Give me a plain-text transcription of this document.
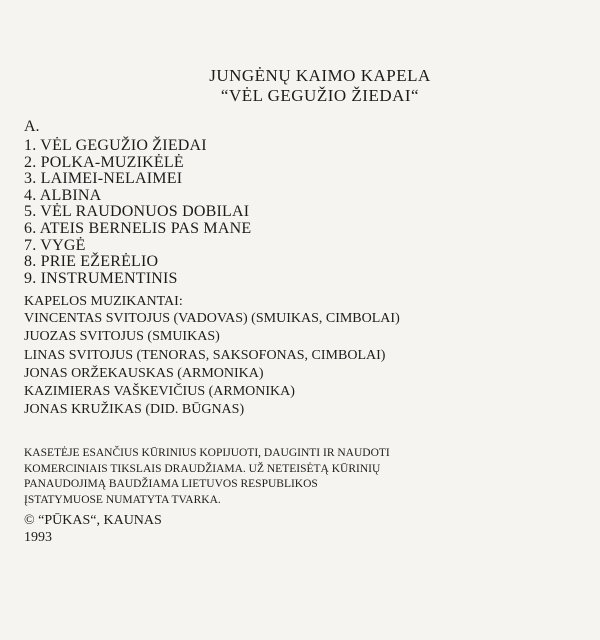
JUNGĖNŲ KAIMO KAPELA
“VĖL GEGUŽIO ŽIEDAI“
A.
1. VĖL GEGUŽIO ŽIEDAI
2. POLKA-MUZIKĖLĖ
3. LAIMEI-NELAIMEI
4. ALBINA
5. VĖL RAUDONUOS DOBILAI
6. ATEIS BERNELIS PAS MANE
7. VYGĖ
8. PRIE EŽERĖLIO
9. INSTRUMENTINIS
KAPELOS MUZIKANTAI:
VINCENTAS SVITOJUS (VADOVAS) (SMUIKAS, CIMBOLAI)
JUOZAS SVITOJUS (SMUIKAS)
LINAS SVITOJUS (TENORAS, SAKSOFONAS, CIMBOLAI)
JONAS ORŽEKAUSKAS (ARMONIKA)
KAZIMIERAS VAŠKEVIČIUS (ARMONIKA)
JONAS KRUŽIKAS (DID. BŪGNAS)

KASETĖJE ESANČIUS KŪRINIUS KOPIJUOTI, DAUGINTI IR NAUDOTI
KOMERCINIAIS TIKSLAIS DRAUDŽIAMA. UŽ NETEISĖTĄ KŪRINIŲ
PANAUDOJIMĄ BAUDŽIAMA LIETUVOS RESPUBLIKOS
ĮSTATYMUOSE NUMATYTA TVARKA.

© “PŪKAS“, KAUNAS
1993
